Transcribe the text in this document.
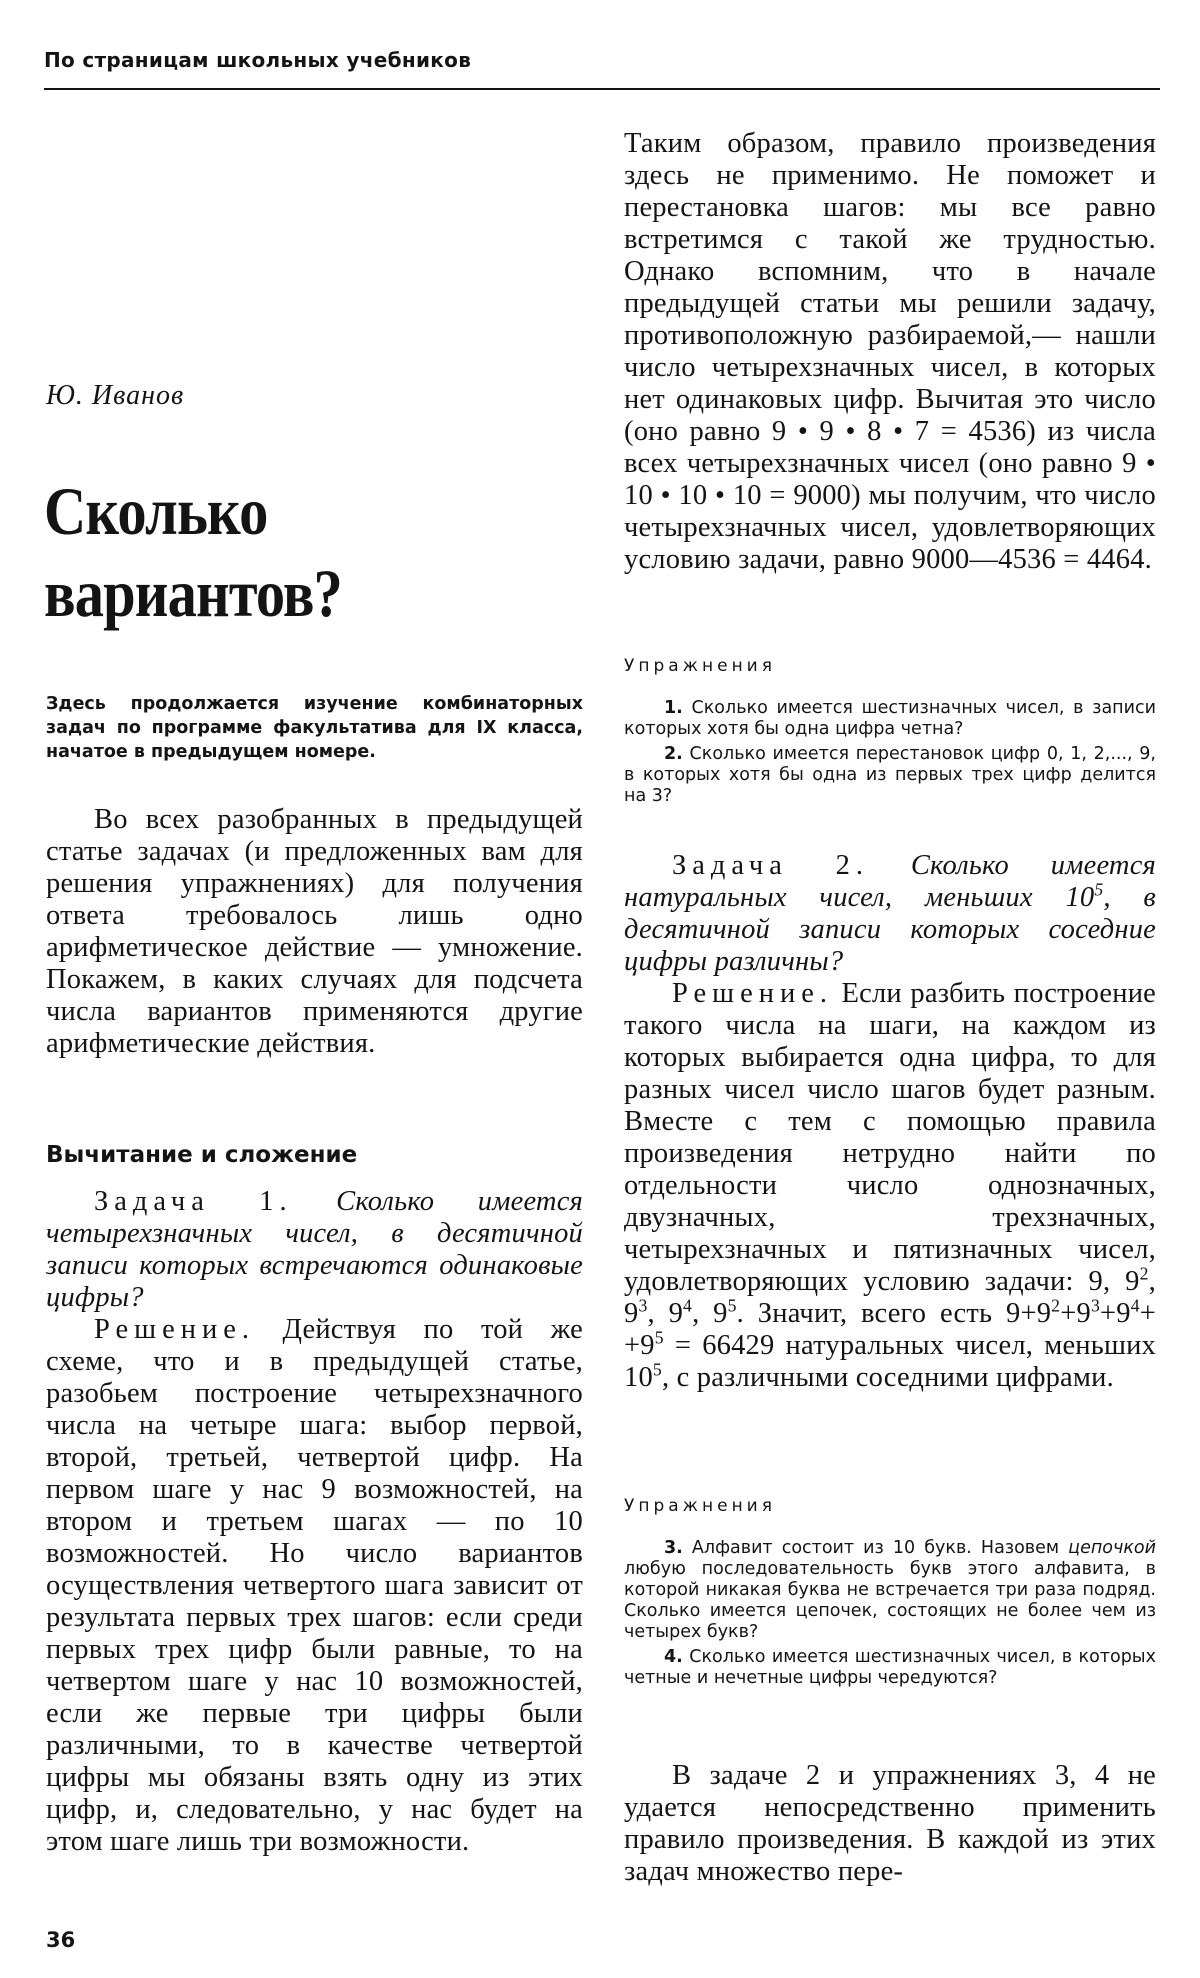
По страницам школьных учебников
Ю. Иванов
Сколько
вариантов?
Здесь продолжается изучение комбинаторных задач по программе факультатива для IX класса, начатое в предыдущем номере.

Во всех разобранных в предыдущей статье задачах (и предложенных вам для решения упражнениях) для получения ответа требовалось лишь одно арифметическое действие — умножение. Покажем, в каких случаях для подсчета числа вариантов применяются другие арифметические действия.

Вычитание и сложение

Задача 1. Сколько имеется четырехзначных чисел, в десятичной записи которых встречаются одинаковые цифры?

Решение. Действуя по той же схеме, что и в предыдущей статье, разобьем построение четырехзначного числа на четыре шага: выбор первой, второй, третьей, четвертой цифр. На первом шаге у нас 9 возможностей, на втором и третьем шагах — по 10 возможностей. Но число вариантов осуществления четвертого шага зависит от результата первых трех шагов: если среди первых трех цифр были равные, то на четвертом шаге у нас 10 возможностей, если же первые три цифры были различными, то в качестве четвертой цифры мы обязаны взять одну из этих цифр, и, следовательно, у нас будет на этом шаге лишь три возможности.

Таким образом, правило произведения здесь не применимо. Не поможет и перестановка шагов: мы все равно встретимся с такой же трудностью. Однако вспомним, что в начале предыдущей статьи мы решили задачу, противоположную разбираемой,— нашли число четырехзначных чисел, в которых нет одинаковых цифр. Вычитая это число (оно равно 9 • 9 • 8 • 7 = 4536) из числа всех четырехзначных чисел (оно равно 9 • 10 • 10 • 10 = 9000) мы получим, что число четырехзначных чисел, удовлетворяющих условию задачи, равно 9000—4536 = 4464.

Упражнения

1. Сколько имеется шестизначных чисел, в записи которых хотя бы одна цифра четна?

2. Сколько имеется перестановок цифр 0, 1, 2,..., 9, в которых хотя бы одна из первых трех цифр делится на 3?

Задача 2. Сколько имеется натуральных чисел, меньших $10^5$, в десятичной записи которых соседние цифры различны?

Решение. Если разбить построение такого числа на шаги, на каждом из которых выбирается одна цифра, то для разных чисел число шагов будет разным. Вместе с тем с помощью правила произведения нетрудно найти по отдельности число однозначных, двузначных, трехзначных, четырехзначных и пятизначных чисел, удовлетворяющих условию задачи: 9, $9^2$, $9^3$, $9^4$, $9^5$. Значит, всего есть $9+9^2+9^3+9^4+ +9^5 = 66429$ натуральных чисел, меньших $10^5$, с различными соседними цифрами.

Упражнения

3. Алфавит состоит из 10 букв. Назовем цепочкой любую последовательность букв этого алфавита, в которой никакая буква не встречается три раза подряд. Сколько имеется цепочек, состоящих не более чем из четырех букв?

4. Сколько имеется шестизначных чисел, в которых четные и нечетные цифры чередуются?

В задаче 2 и упражнениях 3, 4 не удается непосредственно применить правило произведения. В каждой из этих задач множество пере-

36
